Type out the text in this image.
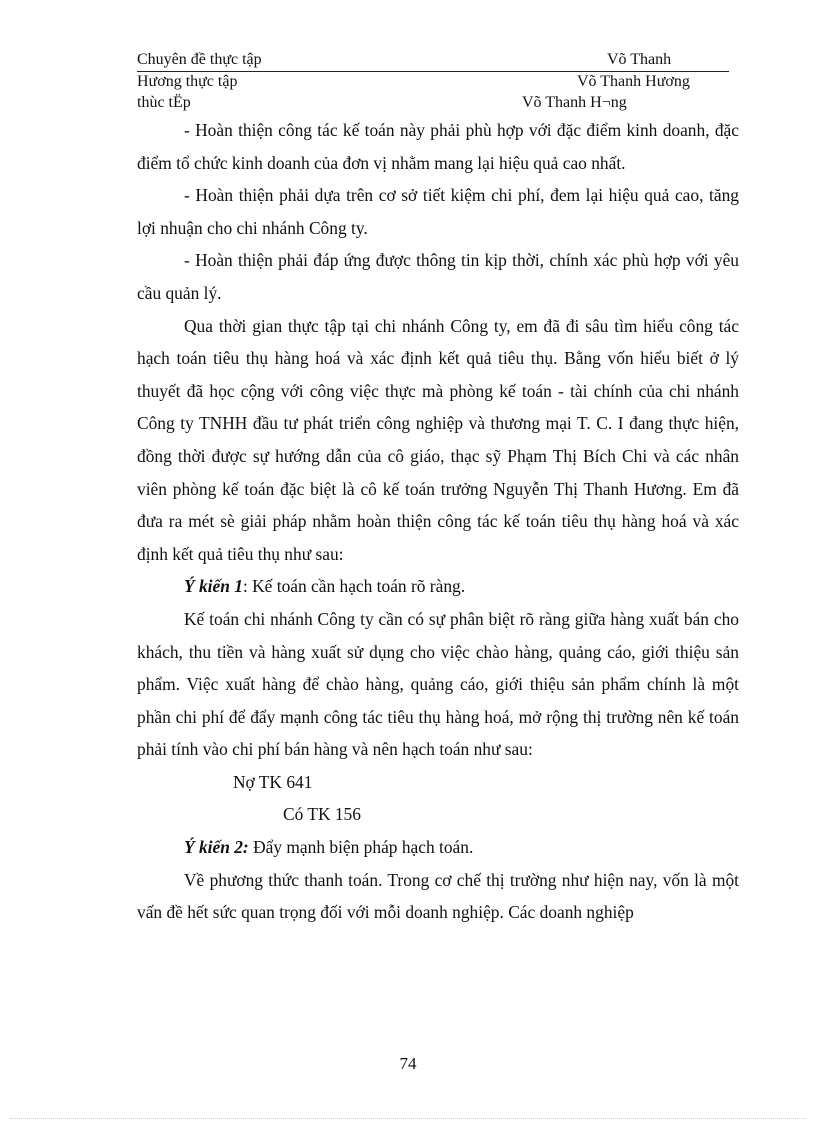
Chuyên đề thực tập	Võ Thanh
Hương thực tập	Võ Thanh Hương
thùc tËp	Võ Thanh H¬ng

- Hoàn thiện công tác kế toán này phải phù hợp với đặc điểm kinh doanh, đặc điểm tổ chức kinh doanh của đơn vị nhằm mang lại hiệu quả cao nhất.

- Hoàn thiện phải dựa trên cơ sở tiết kiệm chi phí, đem lại hiệu quả cao, tăng lợi nhuận cho chi nhánh Công ty.

- Hoàn thiện phải đáp ứng được thông tin kịp thời, chính xác phù hợp với yêu cầu quản lý.

Qua thời gian thực tập tại chi nhánh Công ty, em đã đi sâu tìm hiểu công tác hạch toán tiêu thụ hàng hoá và xác định kết quả tiêu thụ. Bằng vốn hiểu biết ở lý thuyết đã học cộng với công việc thực mà phòng kế toán - tài chính của chi nhánh Công ty TNHH đầu tư phát triển công nghiệp và thương mại T. C. I đang thực hiện, đồng thời được sự hướng dẫn của cô giáo, thạc sỹ Phạm Thị Bích Chi và các nhân viên phòng kế toán đặc biệt là cô kế toán trưởng Nguyễn Thị Thanh Hương. Em đã đưa ra mét sè giải pháp nhằm hoàn thiện công tác kế toán tiêu thụ hàng hoá và xác định kết quả tiêu thụ như sau:

Ý kiến 1: Kế toán cần hạch toán rõ ràng.

Kế toán chi nhánh Công ty cần có sự phân biệt rõ ràng giữa hàng xuất bán cho khách, thu tiền và hàng xuất sử dụng cho việc chào hàng, quảng cáo, giới thiệu sản phẩm. Việc xuất hàng để chào hàng, quảng cáo, giới thiệu sản phẩm chính là một phần chi phí để đẩy mạnh công tác tiêu thụ hàng hoá, mở rộng thị trường nên kế toán phải tính vào chi phí bán hàng và nên hạch toán như sau:

Nợ TK 641

Có TK 156

Ý kiến 2: Đẩy mạnh biện pháp hạch toán.

Về phương thức thanh toán. Trong cơ chế thị trường như hiện nay, vốn là một vấn đề hết sức quan trọng đối với mỗi doanh nghiệp. Các doanh nghiệp

74
